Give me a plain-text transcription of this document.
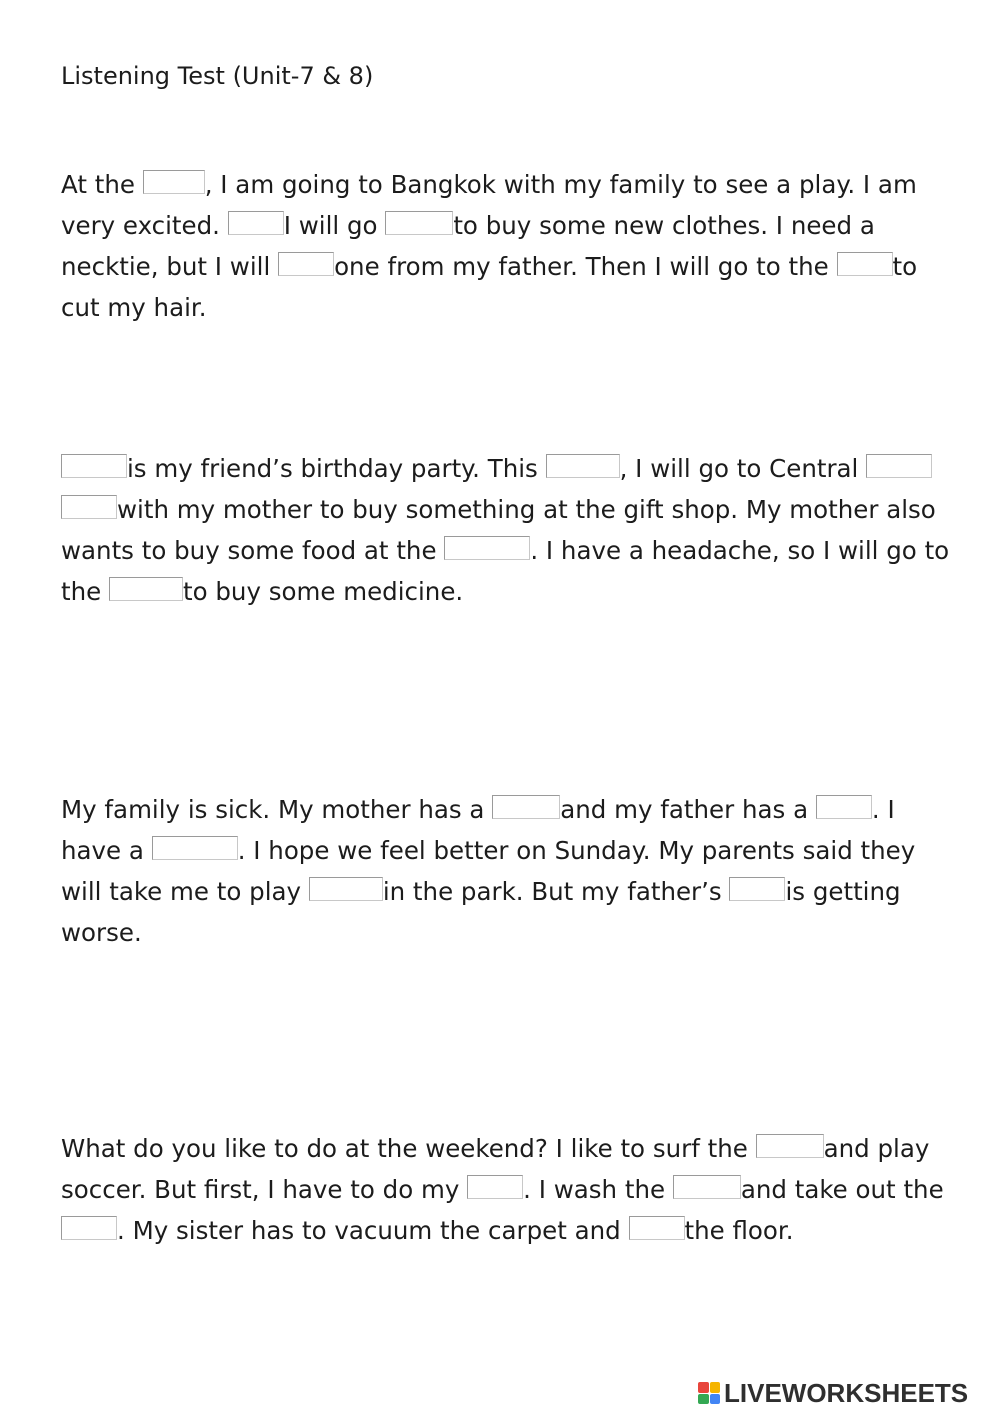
Listening Test (Unit-7 & 8)
At the	, I am going to Bangkok with my family to see a play. I am
very excited. I will go	to buy some new clothes. I need a
necktie, but I will one from my father. Then I will go to the to
cut my hair.
is my friend’s birthday party. This	, I will go to Central
with my mother to buy something at the gift shop. My mother also
wants to buy some food at the	. I have a headache, so I will go to
the	to buy some medicine.
My family is sick. My mother has a	and my father has a . I
have a	. I hope we feel better on Sunday. My parents said they
will take me to play	in the park. But my father’s is getting
worse.
What do you like to do at the weekend? I like to surf the	and play
soccer. But first, I have to do my . I wash the	and take out the
. My sister has to vacuum the carpet and the floor.
LIVEWORKSHEETS
